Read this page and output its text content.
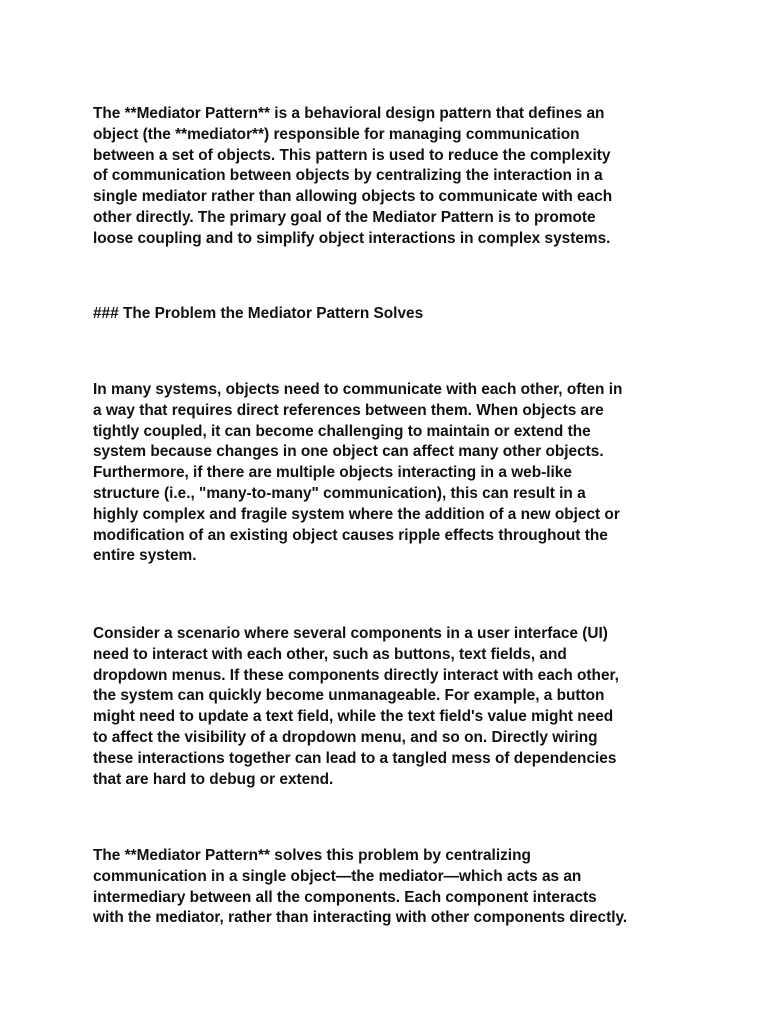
The **Mediator Pattern** is a behavioral design pattern that defines an
object (the **mediator**) responsible for managing communication
between a set of objects. This pattern is used to reduce the complexity
of communication between objects by centralizing the interaction in a
single mediator rather than allowing objects to communicate with each
other directly. The primary goal of the Mediator Pattern is to promote
loose coupling and to simplify object interactions in complex systems.

### The Problem the Mediator Pattern Solves

In many systems, objects need to communicate with each other, often in
a way that requires direct references between them. When objects are
tightly coupled, it can become challenging to maintain or extend the
system because changes in one object can affect many other objects.
Furthermore, if there are multiple objects interacting in a web-like
structure (i.e., "many-to-many" communication), this can result in a
highly complex and fragile system where the addition of a new object or
modification of an existing object causes ripple effects throughout the
entire system.

Consider a scenario where several components in a user interface (UI)
need to interact with each other, such as buttons, text fields, and
dropdown menus. If these components directly interact with each other,
the system can quickly become unmanageable. For example, a button
might need to update a text field, while the text field's value might need
to affect the visibility of a dropdown menu, and so on. Directly wiring
these interactions together can lead to a tangled mess of dependencies
that are hard to debug or extend.

The **Mediator Pattern** solves this problem by centralizing
communication in a single object—the mediator—which acts as an
intermediary between all the components. Each component interacts
with the mediator, rather than interacting with other components directly.
